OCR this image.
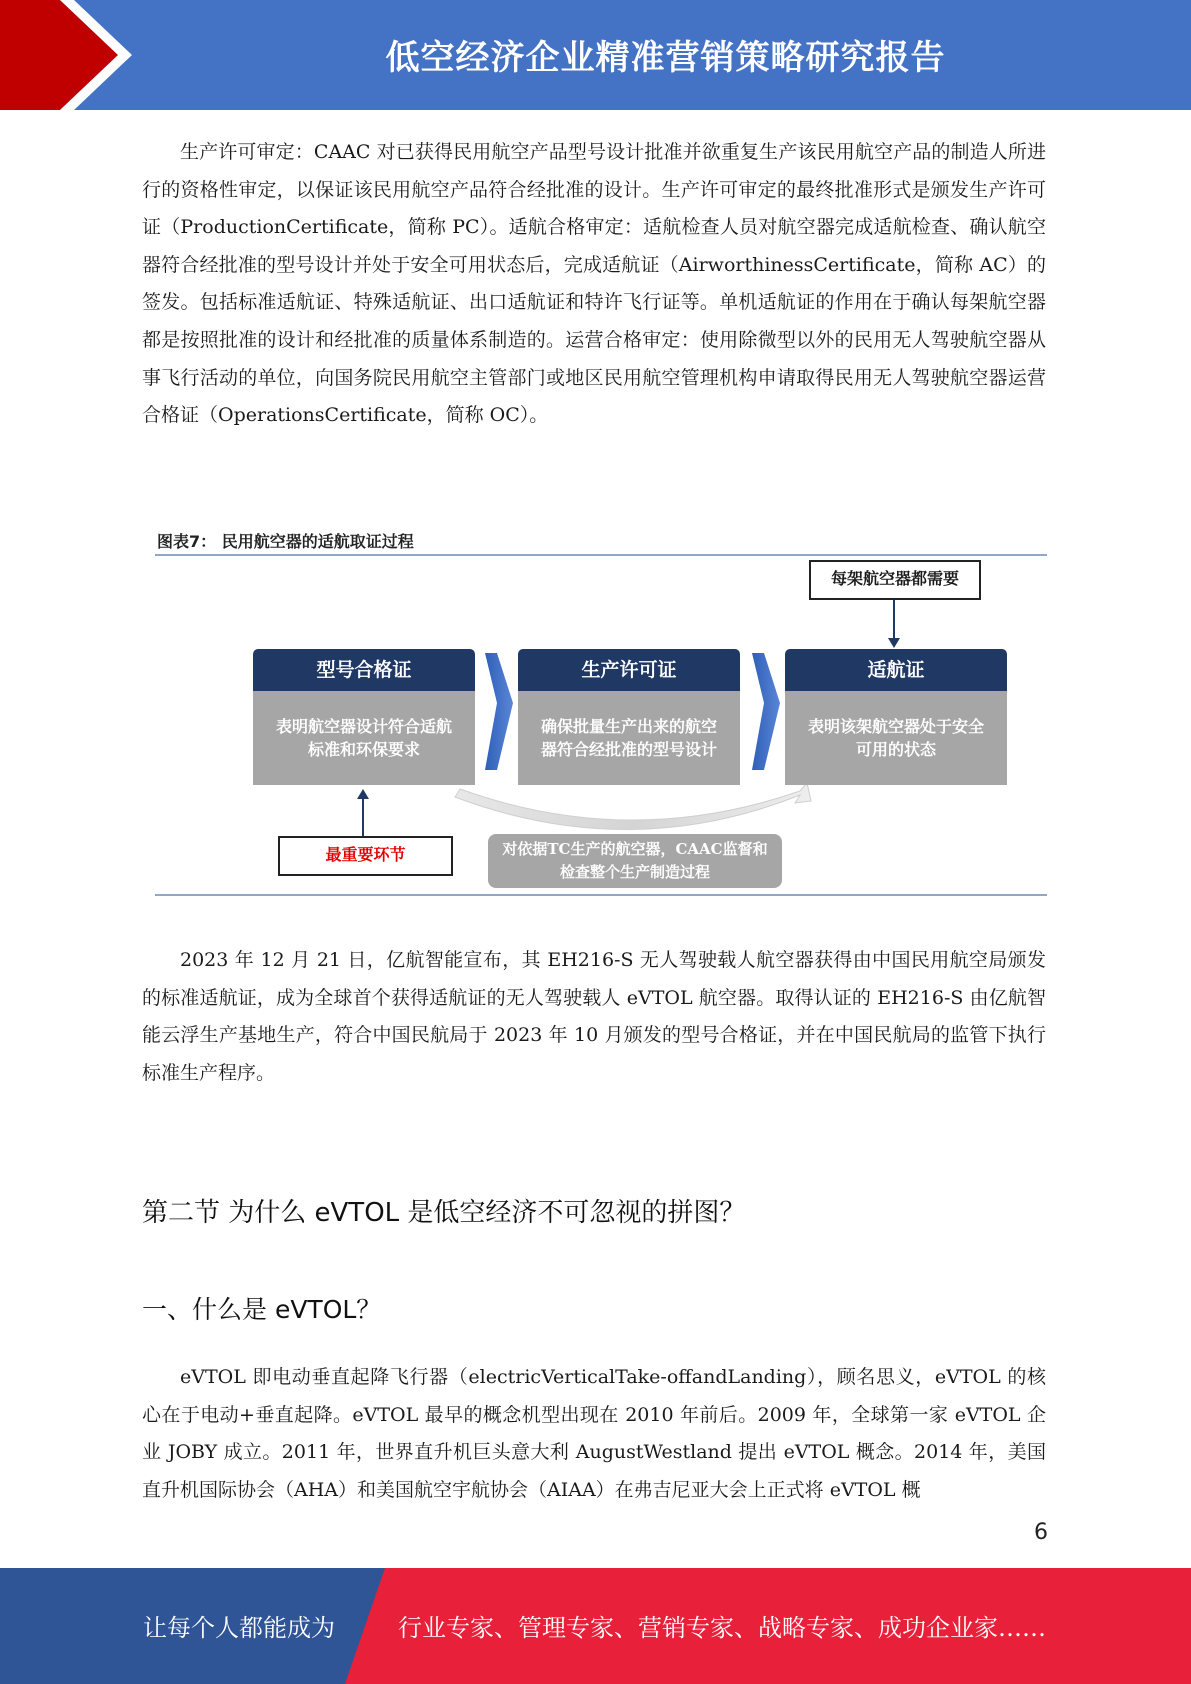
低空经济企业精准营销策略研究报告

生产许可审定：CAAC 对已获得民用航空产品型号设计批准并欲重复生产该民用航空产品的制造人所进行的资格性审定，以保证该民用航空产品符合经批准的设计。生产许可审定的最终批准形式是颁发生产许可证（ProductionCertificate，简称 PC）。适航合格审定：适航检查人员对航空器完成适航检查、确认航空器符合经批准的型号设计并处于安全可用状态后，完成适航证（AirworthinessCertificate，简称 AC）的签发。包括标准适航证、特殊适航证、出口适航证和特许飞行证等。单机适航证的作用在于确认每架航空器都是按照批准的设计和经批准的质量体系制造的。运营合格审定：使用除微型以外的民用无人驾驶航空器从事飞行活动的单位，向国务院民用航空主管部门或地区民用航空管理机构申请取得民用无人驾驶航空器运营合格证（OperationsCertificate，简称 OC）。

图表7： 民用航空器的适航取证过程
每架航空器都需要
型号合格证
表明航空器设计符合适航标准和环保要求
生产许可证
确保批量生产出来的航空器符合经批准的型号设计
适航证
表明该架航空器处于安全可用的状态
最重要环节	对依据TC生产的航空器，CAAC监督和检查整个生产制造过程

2023 年 12 月 21 日，亿航智能宣布，其 EH216-S 无人驾驶载人航空器获得由中国民用航空局颁发的标准适航证，成为全球首个获得适航证的无人驾驶载人 eVTOL 航空器。取得认证的 EH216-S 由亿航智能云浮生产基地生产，符合中国民航局于 2023 年 10 月颁发的型号合格证，并在中国民航局的监管下执行标准生产程序。

第二节 为什么 eVTOL 是低空经济不可忽视的拼图？
一、什么是 eVTOL？

eVTOL 即电动垂直起降飞行器（electricVerticalTake-offandLanding），顾名思义，eVTOL 的核心在于电动+垂直起降。eVTOL 最早的概念机型出现在 2010 年前后。2009 年，全球第一家 eVTOL 企业 JOBY 成立。2011 年，世界直升机巨头意大利 AugustWestland 提出 eVTOL 概念。2014 年，美国直升机国际协会（AHA）和美国航空宇航协会（AIAA）在弗吉尼亚大会上正式将 eVTOL 概

6
让每个人都能成为	行业专家、管理专家、营销专家、战略专家、成功企业家……
